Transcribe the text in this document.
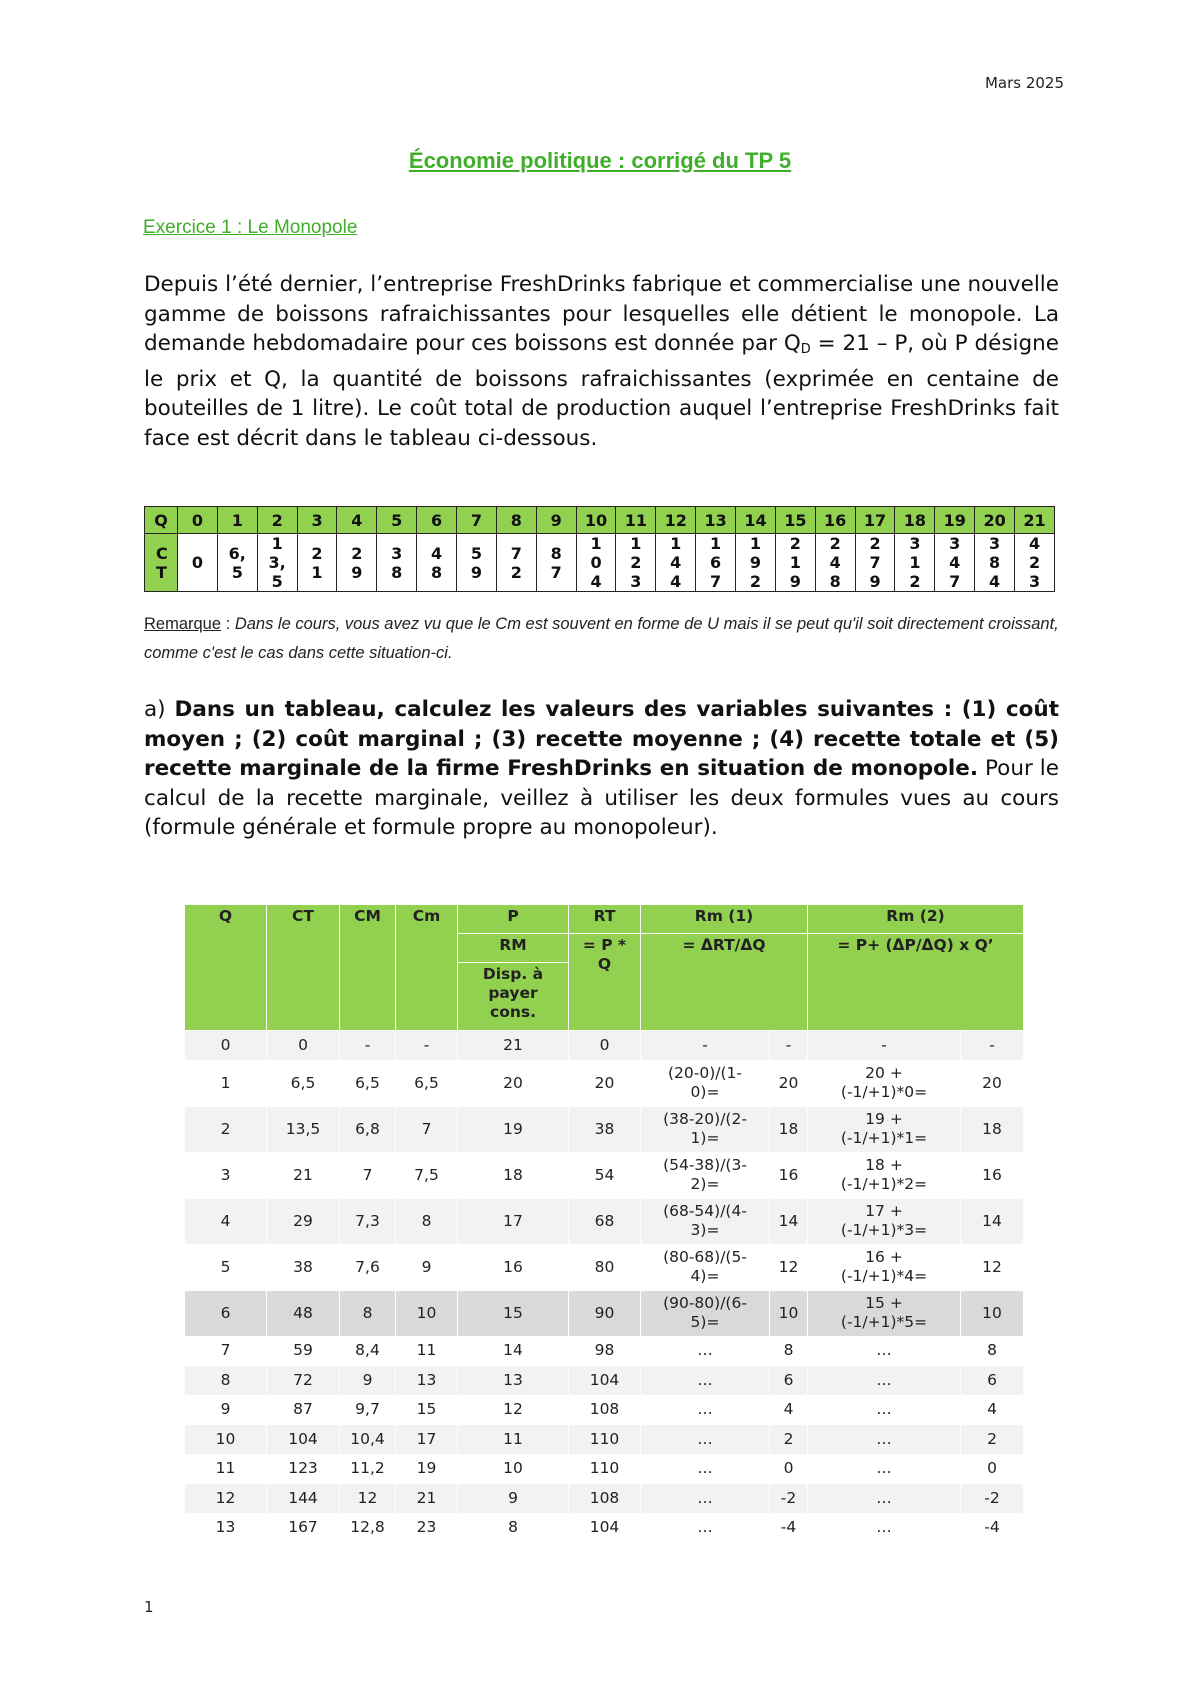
Mars 2025
Économie politique : corrigé du TP 5
Exercice 1 : Le Monopole

Depuis l’été dernier, l’entreprise FreshDrinks fabrique et commercialise une nouvelle gamme de boissons rafraichissantes pour lesquelles elle détient le monopole. La demande hebdomadaire pour ces boissons est donnée par $Q_D = 21 - P$, où P désigne le prix et Q, la quantité de boissons rafraichissantes (exprimée en centaine de bouteilles de 1 litre). Le coût total de production auquel l’entreprise FreshDrinks fait face est décrit dans le tableau ci-dessous.

Q	0	1	2	3	4	5	6	7	8	9	10	11	12	13	14	15	16	17	18	19	20	21

CT	0	6,5	13,5	21	29	38	48	59	72	87	104	123	144	167	192	219	248	279	312	347	384	423

Remarque : Dans le cours, vous avez vu que le Cm est souvent en forme de U mais il se peut qu'il soit directement croissant, comme c'est le cas dans cette situation-ci.

a) Dans un tableau, calculez les valeurs des variables suivantes : (1) coût moyen ; (2) coût marginal ; (3) recette moyenne ; (4) recette totale et (5) recette marginale de la firme FreshDrinks en situation de monopole. Pour le calcul de la recette marginale, veillez à utiliser les deux formules vues au cours (formule générale et formule propre au monopoleur).

Q	CT	CM	Cm	P	RT	Rm (1)		Rm (2)	
				RM	= P * Q	= ΔRT/ΔQ		= P+ (ΔP/ΔQ) x Q’	

				Disp. à payer cons.					

0	0	-	-	21	0	-	-	-	-
1	6,5	6,5	6,5	20	20	(20-0)/(1-0)=	20	20 + (-1/+1)*0=	20
2	13,5	6,8	7	19	38	(38-20)/(2-1)=	18	19 + (-1/+1)*1=	18
3	21	7	7,5	18	54	(54-38)/(3-2)=	16	18 + (-1/+1)*2=	16
4	29	7,3	8	17	68	(68-54)/(4-3)=	14	17 + (-1/+1)*3=	14
5	38	7,6	9	16	80	(80-68)/(5-4)=	12	16 + (-1/+1)*4=	12
6	48	8	10	15	90	(90-80)/(6-5)=	10	15 + (-1/+1)*5=	10
7	59	8,4	11	14	98	…	8	…	8
8	72	9	13	13	104	…	6	…	6
9	87	9,7	15	12	108	…	4	…	4
10	104	10,4	17	11	110	…	2	…	2
11	123	11,2	19	10	110	…	0	…	0
12	144	12	21	9	108	…	-2	…	-2
13	167	12,8	23	8	104	…	-4	…	-4
1
